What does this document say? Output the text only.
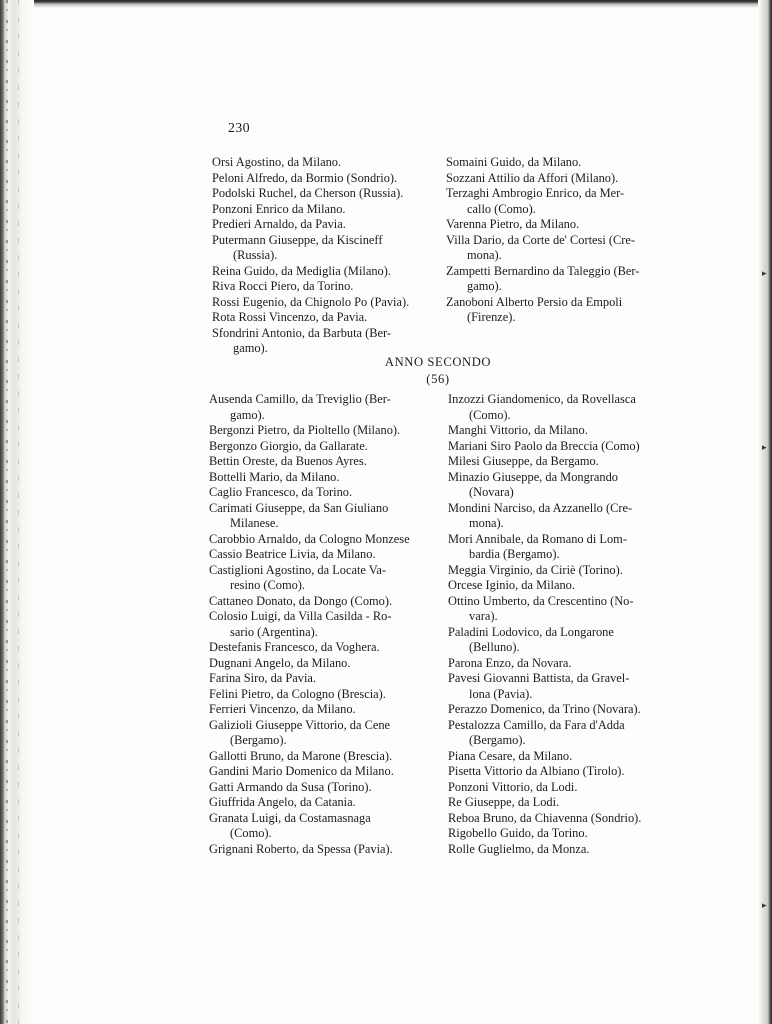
▸
▸
▸
230
Orsi Agostino, da Milano.
Peloni Alfredo, da Bormio (Sondrio).
Podolski Ruchel, da Cherson (Russia).
Ponzoni Enrico da Milano.
Predieri Arnaldo, da Pavia.
Putermann Giuseppe, da Kiscineff
(Russia).
Reina Guido, da Mediglia (Milano).
Riva Rocci Piero, da Torino.
Rossi Eugenio, da Chignolo Po (Pavia).
Rota Rossi Vincenzo, da Pavia.
Sfondrini Antonio, da Barbuta (Ber-
gamo).
Somaini Guido, da Milano.
Sozzani Attilio da Affori (Milano).
Terzaghi Ambrogio Enrico, da Mer-
callo (Como).
Varenna Pietro, da Milano.
Villa Dario, da Corte de' Cortesi (Cre-
mona).
Zampetti Bernardino da Taleggio (Ber-
gamo).
Zanoboni Alberto Persio da Empoli
(Firenze).
ANNO SECONDO
(56)
Ausenda Camillo, da Treviglio (Ber-
gamo).
Bergonzi Pietro, da Pioltello (Milano).
Bergonzo Giorgio, da Gallarate.
Bettin Oreste, da Buenos Ayres.
Bottelli Mario, da Milano.
Caglio Francesco, da Torino.
Carimati Giuseppe, da San Giuliano
Milanese.
Carobbio Arnaldo, da Cologno Monzese
Cassio Beatrice Livia, da Milano.
Castiglioni Agostino, da Locate Va-
resino (Como).
Cattaneo Donato, da Dongo (Como).
Colosio Luigi, da Villa Casilda - Ro-
sario (Argentina).
Destefanis Francesco, da Voghera.
Dugnani Angelo, da Milano.
Farina Siro, da Pavia.
Felini Pietro, da Cologno (Brescia).
Ferrieri Vincenzo, da Milano.
Galizioli Giuseppe Vittorio, da Cene
(Bergamo).
Gallotti Bruno, da Marone (Brescia).
Gandini Mario Domenico da Milano.
Gatti Armando da Susa (Torino).
Giuffrida Angelo, da Catania.
Granata Luigi, da Costamasnaga
(Como).
Grignani Roberto, da Spessa (Pavia).
Inzozzi Giandomenico, da Rovellasca
(Como).
Manghi Vittorio, da Milano.
Mariani Siro Paolo da Breccia (Como)
Milesi Giuseppe, da Bergamo.
Minazio Giuseppe, da Mongrando
(Novara)
Mondini Narciso, da Azzanello (Cre-
mona).
Mori Annibale, da Romano di Lom-
bardia (Bergamo).
Meggia Virginio, da Ciriè (Torino).
Orcese Iginio, da Milano.
Ottino Umberto, da Crescentino (No-
vara).
Paladini Lodovico, da Longarone
(Belluno).
Parona Enzo, da Novara.
Pavesi Giovanni Battista, da Gravel-
lona (Pavia).
Perazzo Domenico, da Trino (Novara).
Pestalozza Camillo, da Fara d'Adda
(Bergamo).
Piana Cesare, da Milano.
Pisetta Vittorio da Albiano (Tirolo).
Ponzoni Vittorio, da Lodi.
Re Giuseppe, da Lodi.
Reboa Bruno, da Chiavenna (Sondrio).
Rigobello Guido, da Torino.
Rolle Guglielmo, da Monza.
